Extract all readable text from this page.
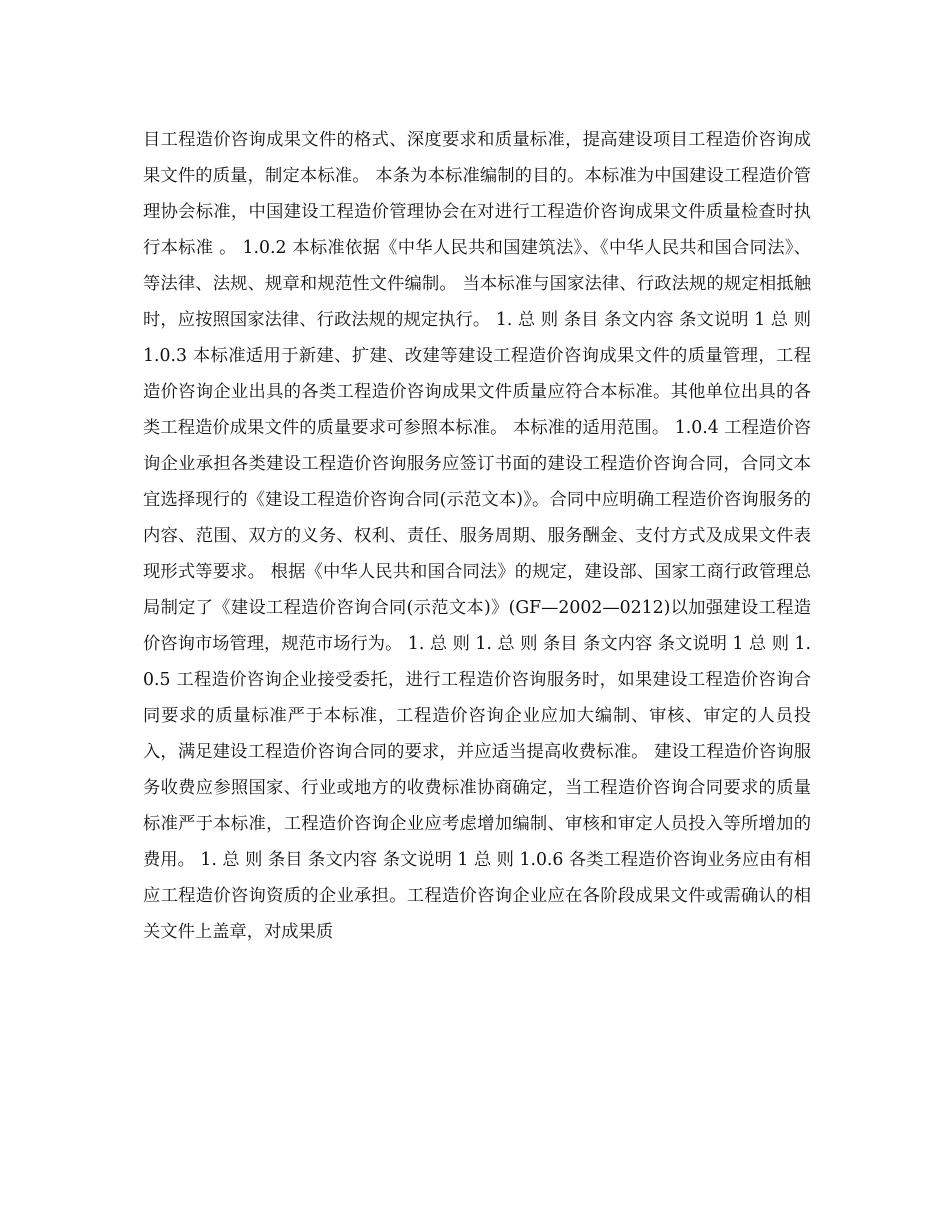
目工程造价咨询成果文件的格式、深度要求和质量标准，提高建设项目工程造价咨询成果文件的质量，制定本标准。 本条为本标准编制的目的。本标准为中国建设工程造价管理协会标准，中国建设工程造价管理协会在对进行工程造价咨询成果文件质量检查时执行本标准 。 1.0.2 本标准依据《中华人民共和国建筑法》、《中华人民共和国合同法》、等法律、法规、规章和规范性文件编制。 当本标准与国家法律、行政法规的规定相抵触时，应按照国家法律、行政法规的规定执行。 1. 总 则 条目 条文内容 条文说明 1 总 则 1.0.3 本标准适用于新建、扩建、改建等建设工程造价咨询成果文件的质量管理，工程造价咨询企业出具的各类工程造价咨询成果文件质量应符合本标准。其他单位出具的各类工程造价成果文件的质量要求可参照本标准。 本标准的适用范围。 1.0.4 工程造价咨询企业承担各类建设工程造价咨询服务应签订书面的建设工程造价咨询合同，合同文本宜选择现行的《建设工程造价咨询合同(示范文本)》。合同中应明确工程造价咨询服务的内容、范围、双方的义务、权利、责任、服务周期、服务酬金、支付方式及成果文件表现形式等要求。 根据《中华人民共和国合同法》的规定，建设部、国家工商行政管理总局制定了《建设工程造价咨询合同(示范文本)》(GF—2002—0212)以加强建设工程造价咨询市场管理，规范市场行为。 1. 总 则 1. 总 则 条目 条文内容 条文说明 1 总 则 1.0.5 工程造价咨询企业接受委托，进行工程造价咨询服务时，如果建设工程造价咨询合同要求的质量标准严于本标准，工程造价咨询企业应加大编制、审核、审定的人员投入，满足建设工程造价咨询合同的要求，并应适当提高收费标准。 建设工程造价咨询服务收费应参照国家、行业或地方的收费标准协商确定，当工程造价咨询合同要求的质量标准严于本标准，工程造价咨询企业应考虑增加编制、审核和审定人员投入等所增加的费用。 1. 总 则 条目 条文内容 条文说明 1 总 则 1.0.6 各类工程造价咨询业务应由有相应工程造价咨询资质的企业承担。工程造价咨询企业应在各阶段成果文件或需确认的相关文件上盖章，对成果质
